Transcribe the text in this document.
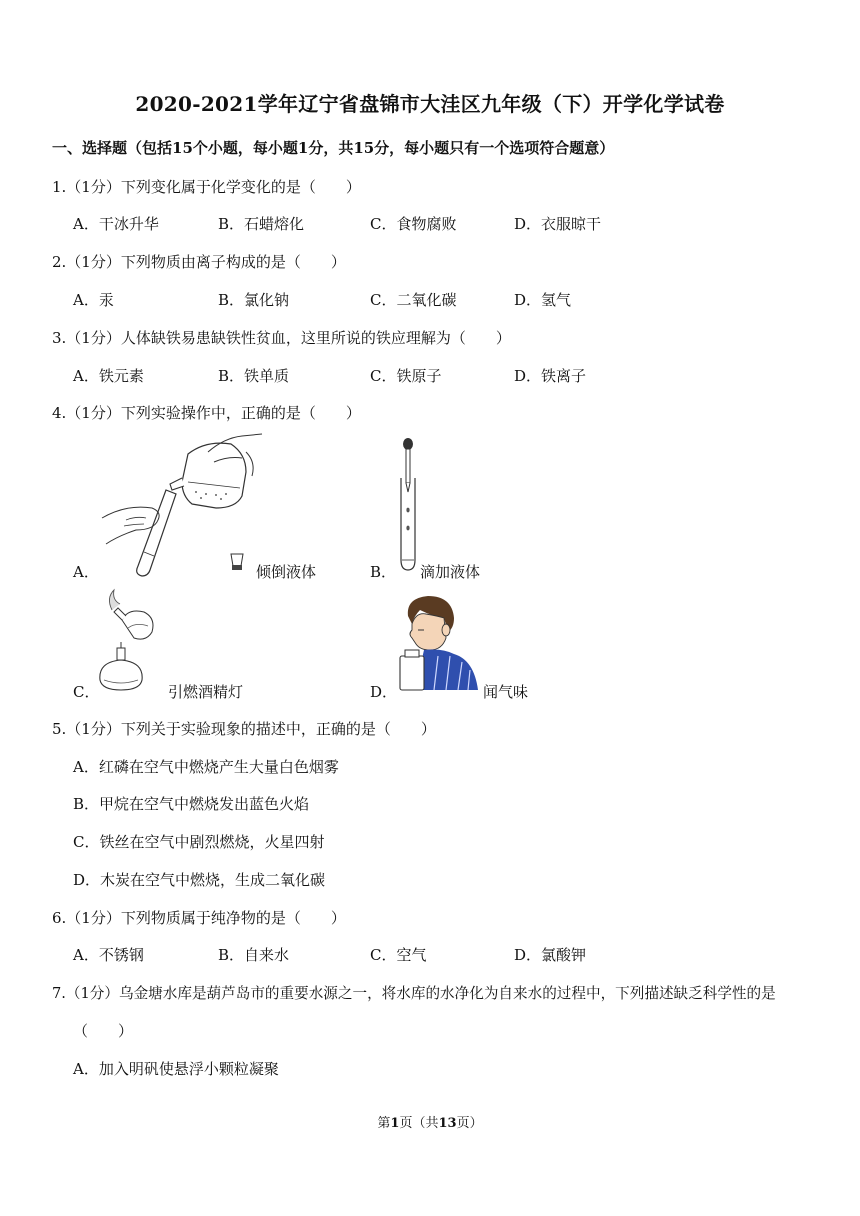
2020-2021学年辽宁省盘锦市大洼区九年级（下）开学化学试卷
一、选择题（包括15个小题，每小题1分，共15分，每小题只有一个选项符合题意）
1.（1分）下列变化属于化学变化的是（　　）
A．干冰升华	B．石蜡熔化	C．食物腐败	D．衣服晾干
2.（1分）下列物质由离子构成的是（　　）
A．汞	B．氯化钠	C．二氧化碳	D．氢气
3.（1分）人体缺铁易患缺铁性贫血，这里所说的铁应理解为（　　）
A．铁元素	B．铁单质	C．铁原子	D．铁离子
4.（1分）下列实验操作中，正确的是（　　）
A．	倾倒液体	B． 滴加液体
C．	引燃酒精灯	D．	闻气味
5.（1分）下列关于实验现象的描述中，正确的是（　　）
A．红磷在空气中燃烧产生大量白色烟雾
B．甲烷在空气中燃烧发出蓝色火焰
C．铁丝在空气中剧烈燃烧，火星四射
D．木炭在空气中燃烧，生成二氧化碳
6.（1分）下列物质属于纯净物的是（　　）
A．不锈钢	B．自来水	C．空气	D．氯酸钾
7.（1分）乌金塘水库是葫芦岛市的重要水源之一，将水库的水净化为自来水的过程中，下列描述缺乏科学性的是
（　　）
A．加入明矾使悬浮小颗粒凝聚
第1页（共13页）
